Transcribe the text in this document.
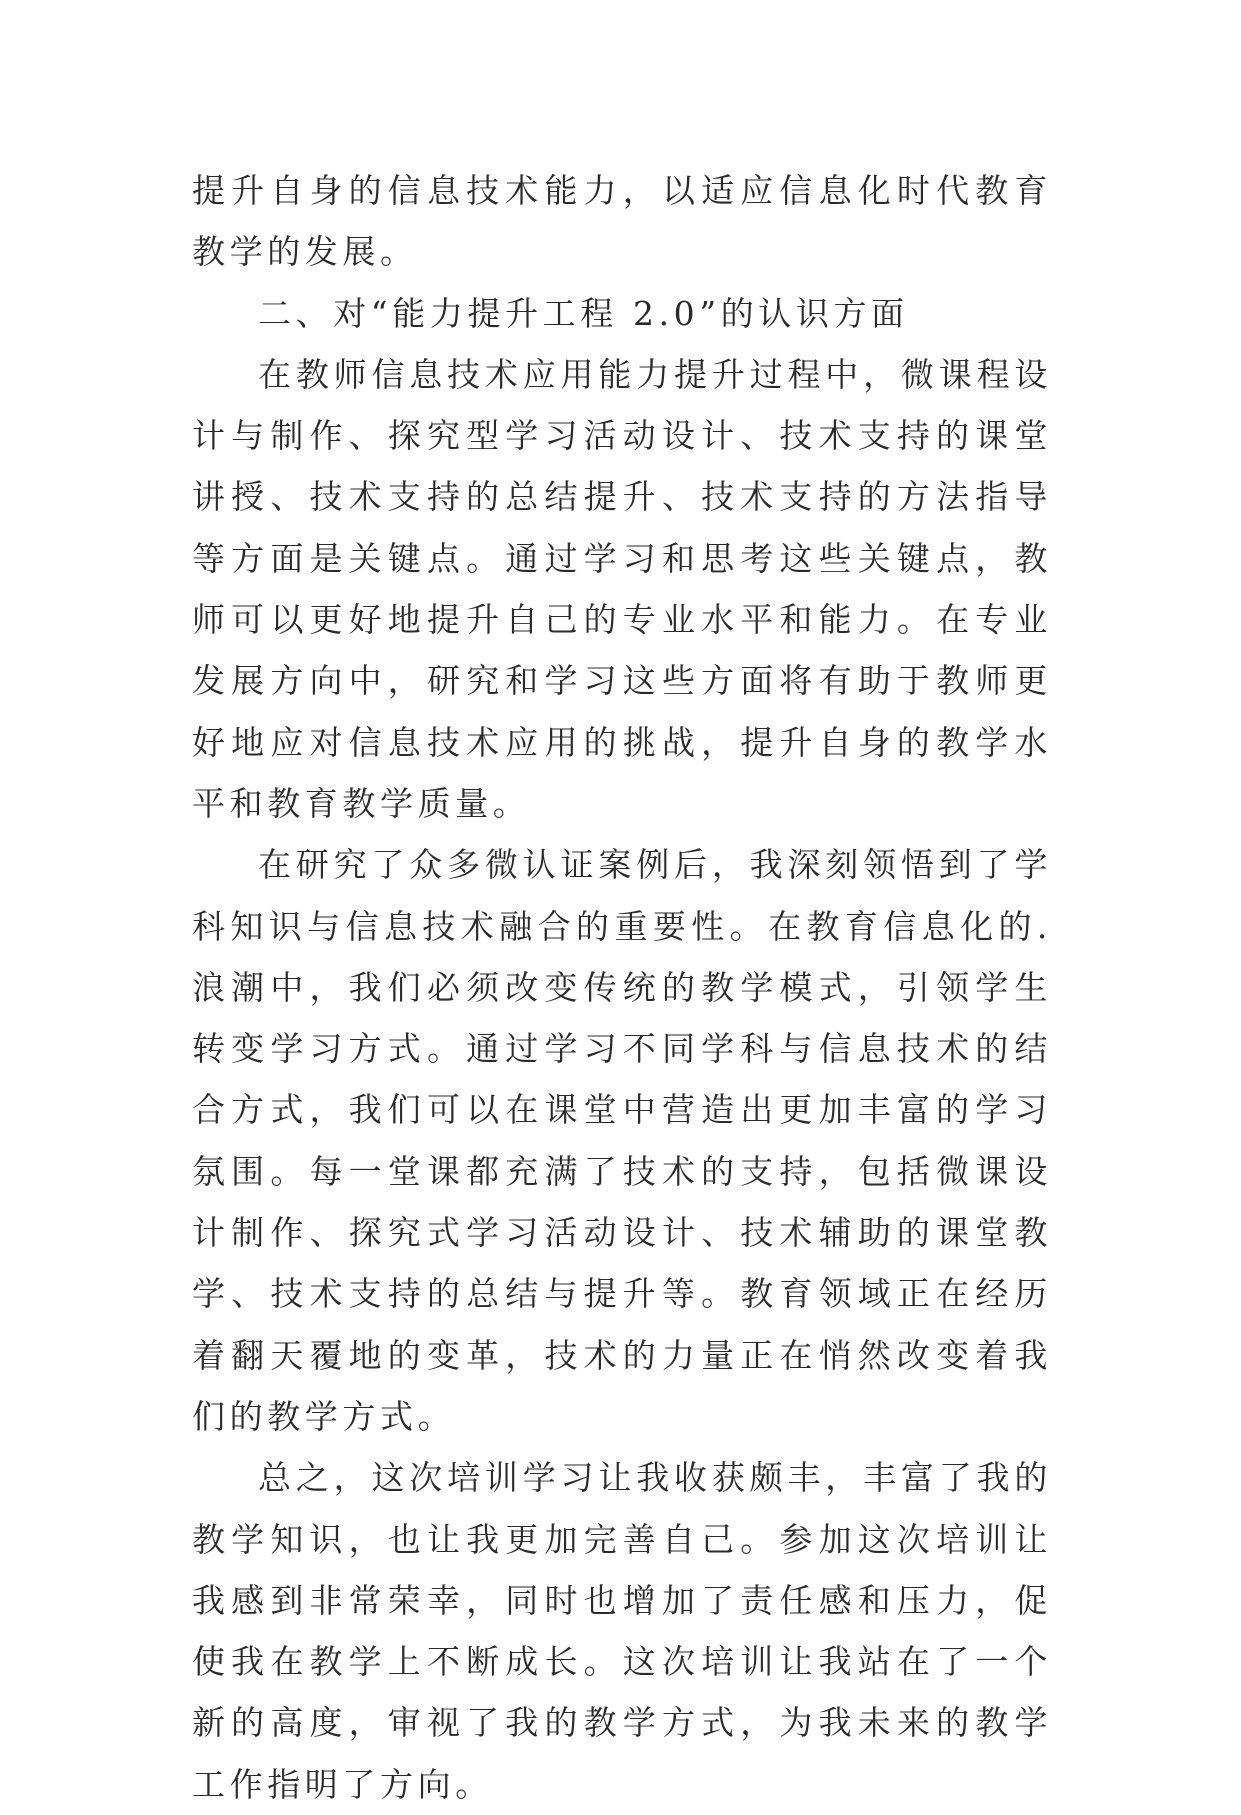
提升自身的信息技术能力，以适应信息化时代教育教学的发展。

二、对“能力提升工程 2.0”的认识方面

在教师信息技术应用能力提升过程中，微课程设计与制作、探究型学习活动设计、技术支持的课堂讲授、技术支持的总结提升、技术支持的方法指导等方面是关键点。通过学习和思考这些关键点，教师可以更好地提升自己的专业水平和能力。在专业发展方向中，研究和学习这些方面将有助于教师更好地应对信息技术应用的挑战，提升自身的教学水平和教育教学质量。

在研究了众多微认证案例后，我深刻领悟到了学科知识与信息技术融合的重要性。在教育信息化的.浪潮中，我们必须改变传统的教学模式，引领学生转变学习方式。通过学习不同学科与信息技术的结合方式，我们可以在课堂中营造出更加丰富的学习氛围。每一堂课都充满了技术的支持，包括微课设计制作、探究式学习活动设计、技术辅助的课堂教学、技术支持的总结与提升等。教育领域正在经历着翻天覆地的变革，技术的力量正在悄然改变着我们的教学方式。

总之，这次培训学习让我收获颇丰，丰富了我的教学知识，也让我更加完善自己。参加这次培训让我感到非常荣幸，同时也增加了责任感和压力，促使我在教学上不断成长。这次培训让我站在了一个新的高度，审视了我的教学方式，为我未来的教学工作指明了方向。
